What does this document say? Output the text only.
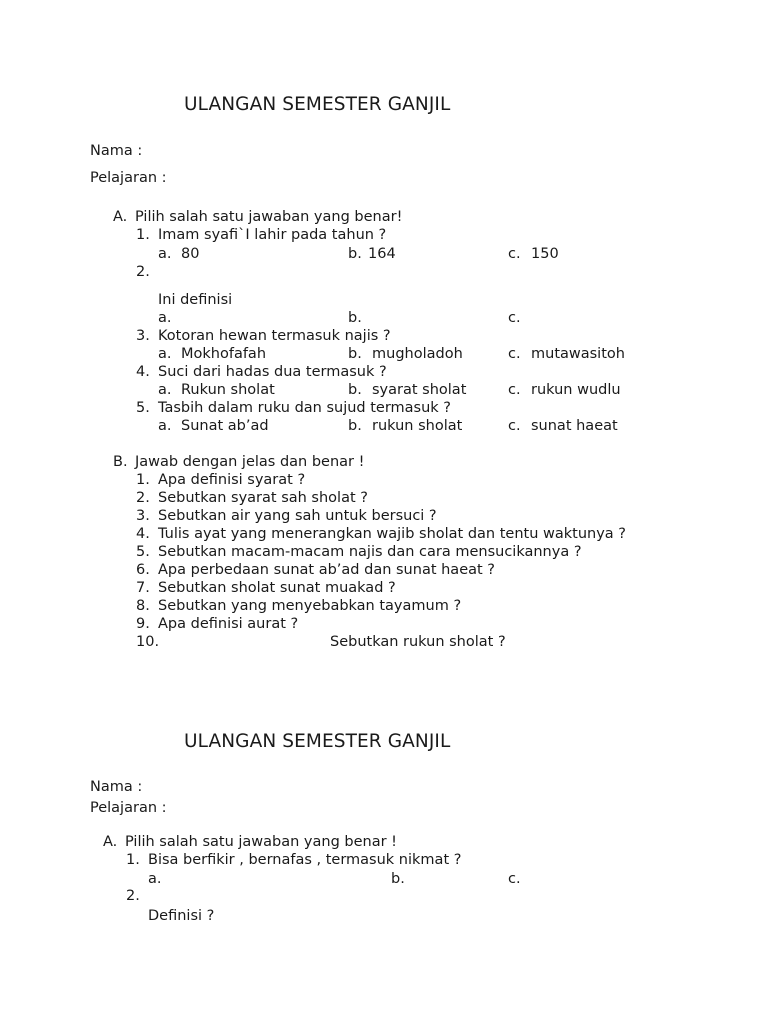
ULANGAN SEMESTER GANJIL
Nama :
Pelajaran :
A. Pilih salah satu jawaban yang benar!
1. Imam syafi`I lahir pada tahun ?
a. 80	b. 164	c. 150
2.
Ini definisi
a.	b.	c.
3. Kotoran hewan termasuk najis ?
a. Mokhofafah	b. mugholadoh	c. mutawasitoh
4. Suci dari hadas dua termasuk ?
a. Rukun sholat	b. syarat sholat	c. rukun wudlu
5. Tasbih dalam ruku dan sujud termasuk ?
a. Sunat ab’ad	b. rukun sholat	c. sunat haeat
B. Jawab dengan jelas dan benar !
1. Apa definisi syarat ?
2. Sebutkan syarat sah sholat ?
3. Sebutkan air yang sah untuk bersuci ?
4. Tulis ayat yang menerangkan wajib sholat dan tentu waktunya ?
5. Sebutkan macam-macam najis dan cara mensucikannya ?
6. Apa perbedaan sunat ab’ad dan sunat haeat ?
7. Sebutkan sholat sunat muakad ?
8. Sebutkan yang menyebabkan tayamum ?
9. Apa definisi aurat ?
10.	Sebutkan rukun sholat ?
ULANGAN SEMESTER GANJIL
Nama :
Pelajaran :
A. Pilih salah satu jawaban yang benar !
1. Bisa berfikir , bernafas , termasuk nikmat ?
a.	b.	c.
2.
Definisi ?
